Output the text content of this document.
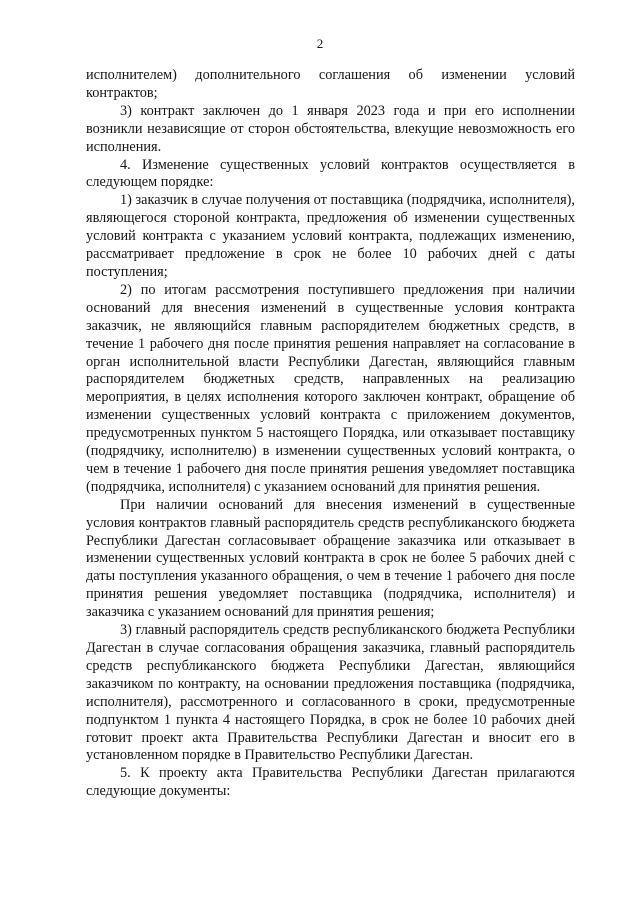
2

исполнителем) дополнительного соглашения об изменении условий контрактов;

3) контракт заключен до 1 января 2023 года и при его исполнении возникли независящие от сторон обстоятельства, влекущие невозможность его исполнения.

4. Изменение существенных условий контрактов осуществляется в следующем порядке:

1) заказчик в случае получения от поставщика (подрядчика, исполнителя), являющегося стороной контракта, предложения об изменении существенных условий контракта с указанием условий контракта, подлежащих изменению, рассматривает предложение в срок не более 10 рабочих дней с даты поступления;

2) по итогам рассмотрения поступившего предложения при наличии оснований для внесения изменений в существенные условия контракта заказчик, не являющийся главным распорядителем бюджетных средств, в течение 1 рабочего дня после принятия решения направляет на согласование в орган исполнительной власти Республики Дагестан, являющийся главным распорядителем бюджетных средств, направленных на реализацию мероприятия, в целях исполнения которого заключен контракт, обращение об изменении существенных условий контракта с приложением документов, предусмотренных пунктом 5 настоящего Порядка, или отказывает поставщику (подрядчику, исполнителю) в изменении существенных условий контракта, о чем в течение 1 рабочего дня после принятия решения уведомляет поставщика (подрядчика, исполнителя) с указанием оснований для принятия решения.

При наличии оснований для внесения изменений в существенные условия контрактов главный распорядитель средств республиканского бюджета Республики Дагестан согласовывает обращение заказчика или отказывает в изменении существенных условий контракта в срок не более 5 рабочих дней с даты поступления указанного обращения, о чем в течение 1 рабочего дня после принятия решения уведомляет поставщика (подрядчика, исполнителя) и заказчика с указанием оснований для принятия решения;

3) главный распорядитель средств республиканского бюджета Республики Дагестан в случае согласования обращения заказчика, главный распорядитель средств республиканского бюджета Республики Дагестан, являющийся заказчиком по контракту, на основании предложения поставщика (подрядчика, исполнителя), рассмотренного и согласованного в сроки, предусмотренные подпунктом 1 пункта 4 настоящего Порядка, в срок не более 10 рабочих дней готовит проект акта Правительства Республики Дагестан и вносит его в установленном порядке в Правительство Республики Дагестан.

5. К проекту акта Правительства Республики Дагестан прилагаются следующие документы:
